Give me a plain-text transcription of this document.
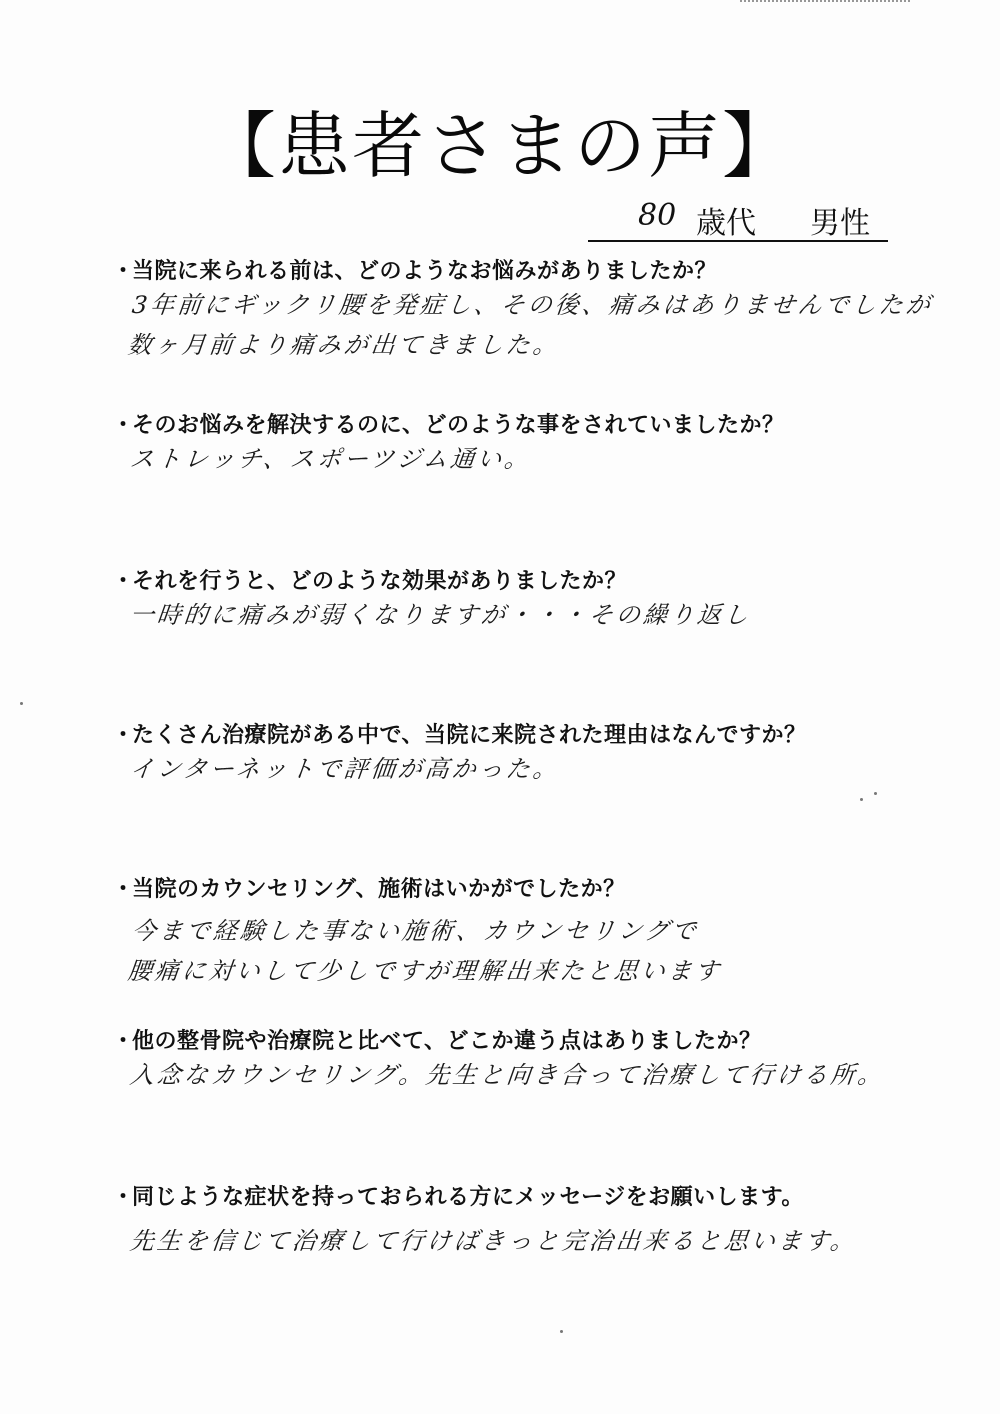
【患者さまの声】
80 歳代 男性
・
当院に来られる前は、どのようなお悩みがありましたか？
3年前にギックリ腰を発症し、その後、痛みはありませんでしたが
数ヶ月前より痛みが出てきました。
・
そのお悩みを解決するのに、どのような事をされていましたか？
ストレッチ、スポーツジム通い。
・
それを行うと、どのような効果がありましたか？
一時的に痛みが弱くなりますが・・・その繰り返し
・
たくさん治療院がある中で、当院に来院された理由はなんですか？
インターネットで評価が高かった。
・
当院のカウンセリング、施術はいかがでしたか？
今まで経験した事ない施術、カウンセリングで
腰痛に対いして少しですが理解出来たと思います
・
他の整骨院や治療院と比べて、どこか違う点はありましたか？
入念なカウンセリング。先生と向き合って治療して行ける所。
・
同じような症状を持っておられる方にメッセージをお願いします。
先生を信じて治療して行けばきっと完治出来ると思います。
